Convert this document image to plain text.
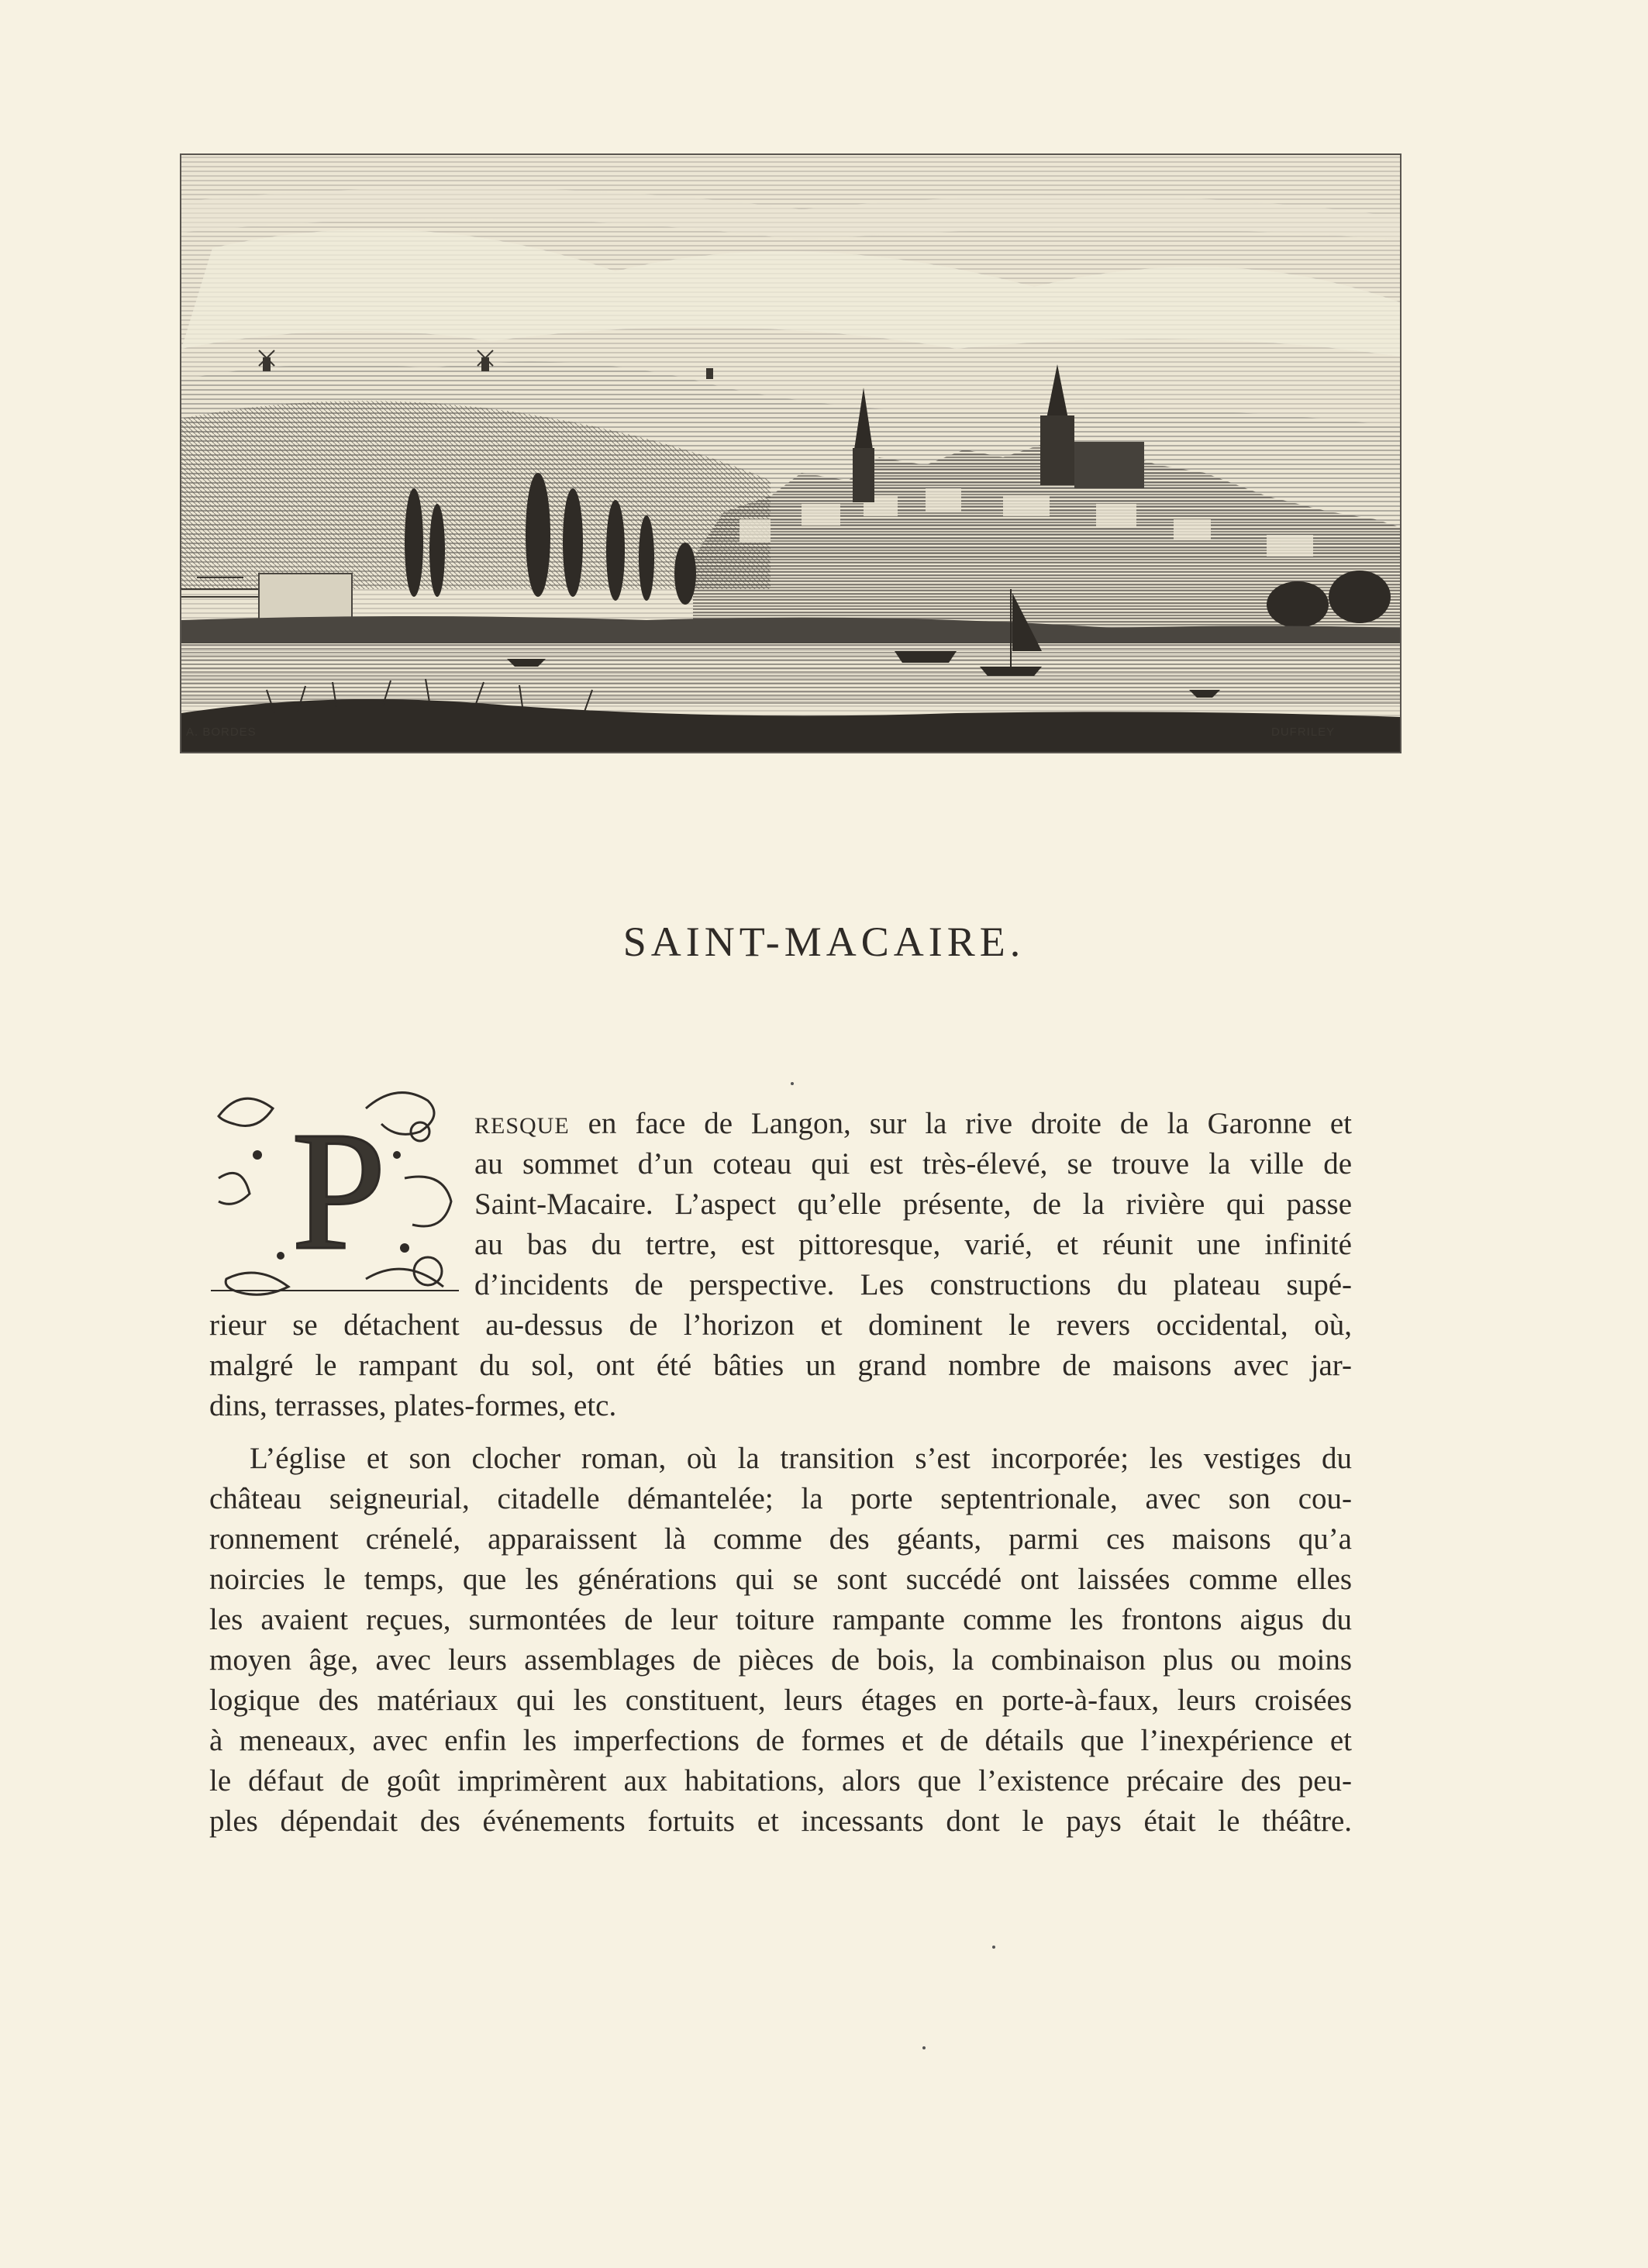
A. BORDES	DUFRILEY
SAINT-MACAIRE.
P	RESQUE en face de Langon, sur la rive droite de la Garonne et
au sommet d’un coteau qui est très-élevé, se trouve la ville de
Saint-Macaire. L’aspect qu’elle présente, de la rivière qui passe
au bas du tertre, est pittoresque, varié, et réunit une infinité
d’incidents de perspective. Les constructions du plateau supé-
rieur se détachent au-dessus de l’horizon et dominent le revers occidental, où,
malgré le rampant du sol, ont été bâties un grand nombre de maisons avec jar-
dins, terrasses, plates-formes, etc.
L’église et son clocher roman, où la transition s’est incorporée; les vestiges du
château seigneurial, citadelle démantelée; la porte septentrionale, avec son cou-
ronnement crénelé, apparaissent là comme des géants, parmi ces maisons qu’a
noircies le temps, que les générations qui se sont succédé ont laissées comme elles
les avaient reçues, surmontées de leur toiture rampante comme les frontons aigus du
moyen âge, avec leurs assemblages de pièces de bois, la combinaison plus ou moins
logique des matériaux qui les constituent, leurs étages en porte-à-faux, leurs croisées
à meneaux, avec enfin les imperfections de formes et de détails que l’inexpérience et
le défaut de goût imprimèrent aux habitations, alors que l’existence précaire des peu-
ples dépendait des événements fortuits et incessants dont le pays était le théâtre.
